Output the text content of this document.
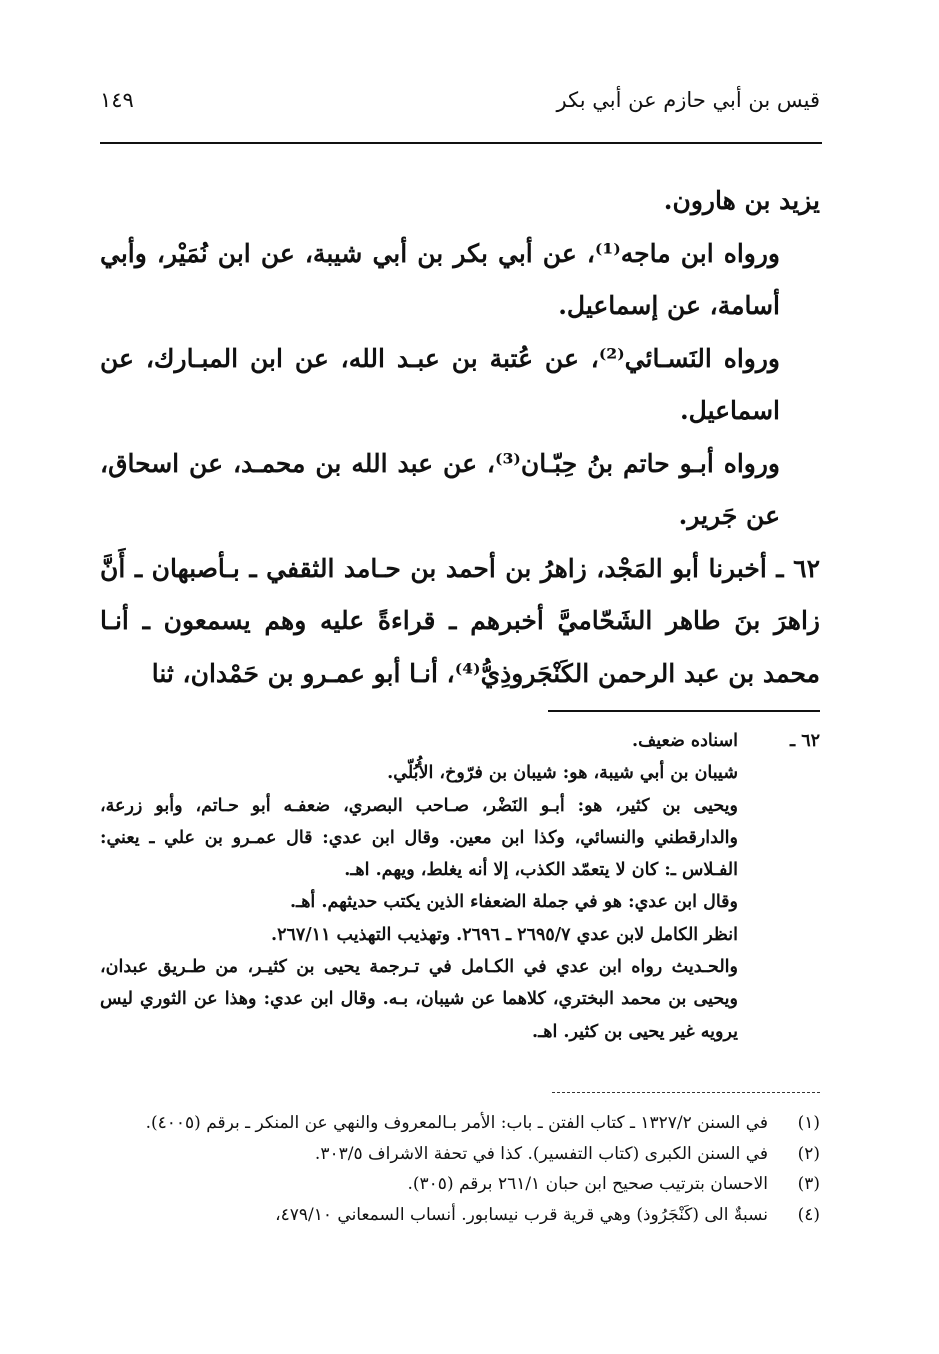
قيس بن أبي حازم عن أبي بكر
١٤٩

يزيد بن هارون.

ورواه ابن ماجه⁽¹⁾، عن أبي بكر بن أبي شيبة، عن ابن نُمَيْر، وأبي أسامة، عن إسماعيل.

ورواه النَسـائي⁽²⁾، عن عُتبة بن عبـد الله، عن ابن المبـارك، عن اسماعيل.

ورواه أبـو حاتم بنُ حِبّـان⁽³⁾، عن عبد الله بن محمـد، عن اسحاق، عن جَرير.

٦٢ ـ أخبرنا أبو المَجْد، زاهرُ بن أحمد بن حـامد الثقفي ـ بـأصبهان ـ أَنَّ زاهرَ بنَ طاهر الشَحّاميَّ أخبرهم ـ قراءةً عليه وهم يسمعون ـ أنـا محمد بن عبد الرحمن الكَنْجَروذِيُّ⁽⁴⁾، أنـا أبو عمـرو بن حَمْدان، ثنا

٦٢ ـ

اسناده ضعيف.

شيبان بن أبي شيبة، هو: شيبان بن فرّوخ، الأُبُلّي.

ويحيى بن كثير، هو: أبـو النَضْر، صـاحب البصري، ضعفـه أبو حـاتم، وأبو زرعة، والدارقطني والنسائي، وكذا ابن معين. وقال ابن عدي: قال عمـرو بن علي ـ يعني: الفـلاس ـ: كان لا يتعمّد الكذب، إلا أنه يغلط، ويهم. اهـ.

وقال ابن عدي: هو في جملة الضعفاء الذين يكتب حديثهم. أهـ.

انظر الكامل لابن عدي ٢٦٩٥/٧ ـ ٢٦٩٦. وتهذيب التهذيب ٢٦٧/١١.

والحـديث رواه ابن عدي في الكـامل في تـرجمة يحيى بن كثيـر، من طـريق عبدان، ويحيى بن محمد البختري، كلاهما عن شيبان، بـه. وقال ابن عدي: وهذا عن الثوري ليس يرويه غير يحيى بن كثير. اهـ.

(١)
في السنن ١٣٢٧/٢ ـ كتاب الفتن ـ باب: الأمر بـالمعروف والنهي عن المنكر ـ برقم (٤٠٠٥).

(٢)
في السنن الكبرى (كتاب التفسير). كذا في تحفة الاشراف ٣٠٣/٥.

(٣)
الاحسان بترتيب صحيح ابن حبان ٢٦١/١ برقم (٣٠٥).

(٤)
نسبةٌ الى (كَنْجَرُوذ) وهي قرية قرب نيسابور. أنساب السمعاني ٤٧٩/١٠،
